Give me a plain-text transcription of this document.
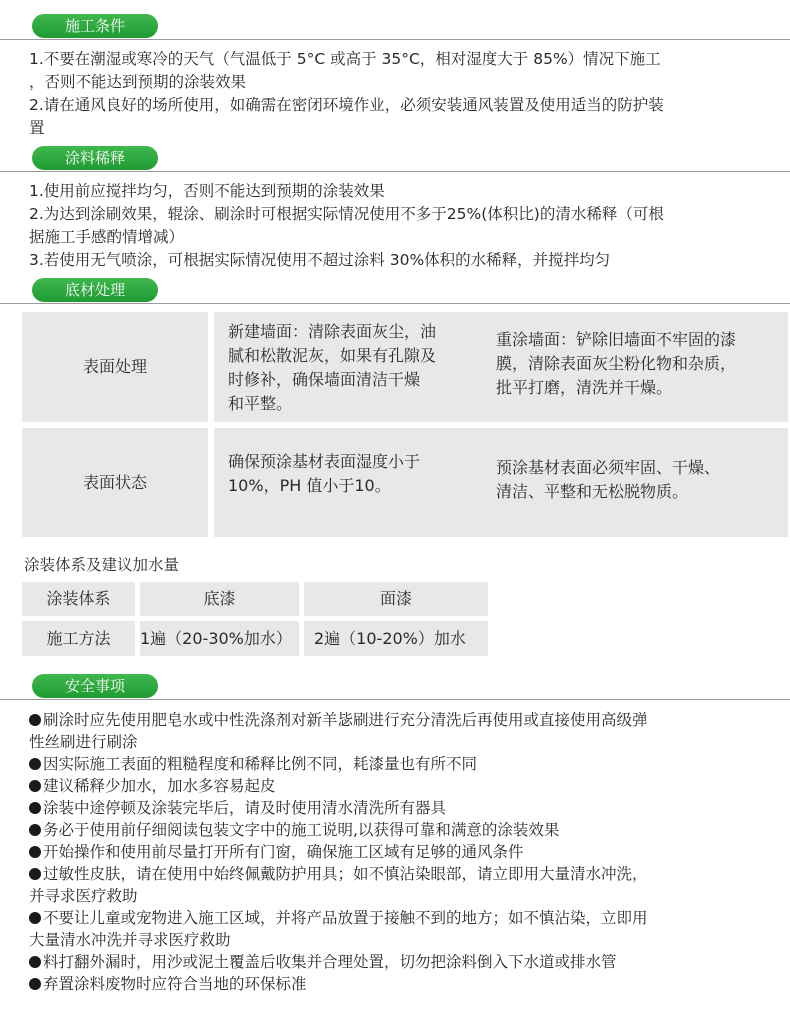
施工条件
1.不要在潮湿或寒冷的天气（气温低于 5°C 或高于 35°C，相对湿度大于 85%）情况下施工
，否则不能达到预期的涂装效果
2.请在通风良好的场所使用，如确需在密闭环境作业，必须安装通风装置及使用适当的防护装
置
涂料稀释
1.使用前应搅拌均匀，否则不能达到预期的涂装效果
2.为达到涂刷效果，辊涂、刷涂时可根据实际情况使用不多于25%(体积比)的清水稀释（可根
据施工手感酌情增减）
3.若使用无气喷涂，可根据实际情况使用不超过涂料 30%体积的水稀释，并搅拌均匀
底材处理
表面处理
新建墙面：清除表面灰尘，油
腻和松散泥灰，如果有孔隙及
时修补，确保墙面清洁干燥
和平整。
重涂墙面：铲除旧墙面不牢固的漆
膜，清除表面灰尘粉化物和杂质，
批平打磨，清洗并干燥。
表面状态
确保预涂基材表面湿度小于
10%，PH 值小于10。
预涂基材表面必须牢固、干燥、
清洁、平整和无松脱物质。
涂装体系及建议加水量
涂装体系	底漆	面漆
施工方法 1遍（20-30%加水） 2遍（10-20%）加水
安全事项
刷涂时应先使用肥皂水或中性洗涤剂对新羊毖刷进行充分清洗后再使用或直接使用高级弹
性丝刷进行刷涂
因实际施工表面的粗糙程度和稀释比例不同，耗漆量也有所不同
建议稀释少加水，加水多容易起皮
涂装中途停顿及涂装完毕后，请及时使用清水清洗所有器具
务必于使用前仔细阅读包装文字中的施工说明,以获得可靠和满意的涂装效果
开始操作和使用前尽量打开所有门窗，确保施工区域有足够的通风条件
过敏性皮肤，请在使用中始终佩戴防护用具；如不慎沾染眼部，请立即用大量清水冲洗，
并寻求医疗救助
不要让儿童或宠物进入施工区域，并将产品放置于接触不到的地方；如不慎沾染，立即用
大量清水冲洗并寻求医疗救助
料打翻外漏时，用沙或泥土覆盖后收集并合理处置，切勿把涂料倒入下水道或排水管
弃置涂料废物时应符合当地的环保标准
